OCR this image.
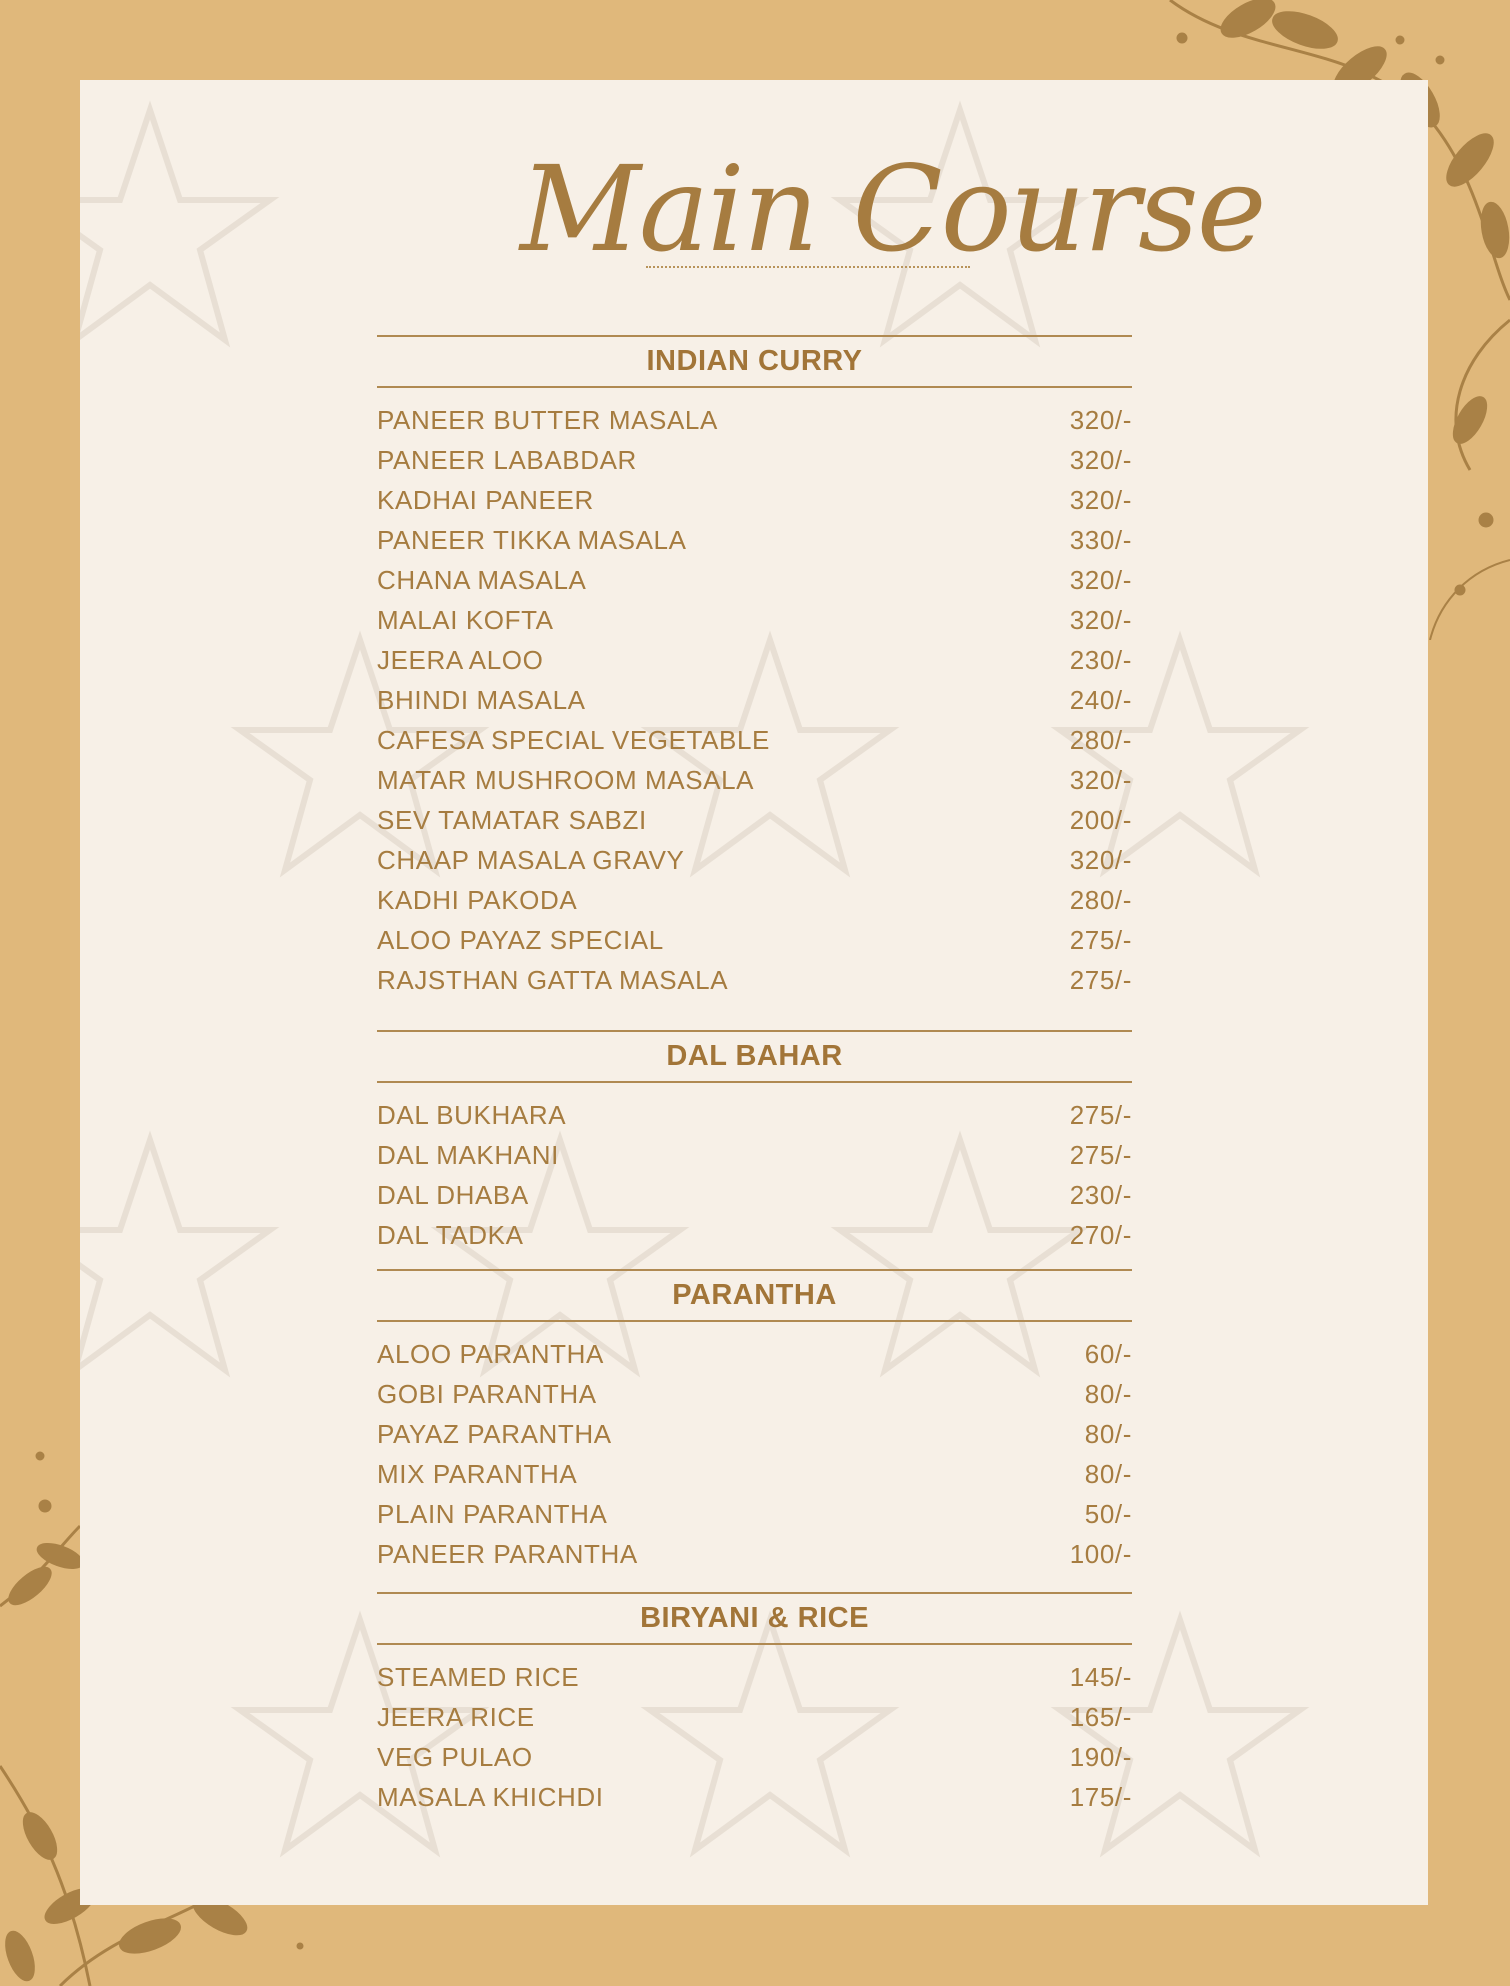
Main Course
INDIAN CURRY
PANEER BUTTER MASALA	320/-
PANEER LABABDAR	320/-
KADHAI PANEER	320/-
PANEER TIKKA MASALA	330/-
CHANA MASALA	320/-
MALAI KOFTA	320/-
JEERA ALOO	230/-
BHINDI MASALA	240/-
CAFESA SPECIAL VEGETABLE	280/-
MATAR MUSHROOM MASALA	320/-
SEV TAMATAR SABZI	200/-
CHAAP MASALA GRAVY	320/-
KADHI PAKODA	280/-
ALOO PAYAZ SPECIAL	275/-
RAJSTHAN GATTA MASALA	275/-
DAL BAHAR
DAL BUKHARA	275/-
DAL MAKHANI	275/-
DAL DHABA	230/-
DAL TADKA	270/-
PARANTHA
ALOO PARANTHA	60/-
GOBI PARANTHA	80/-
PAYAZ PARANTHA	80/-
MIX PARANTHA	80/-
PLAIN PARANTHA	50/-
PANEER PARANTHA	100/-
BIRYANI & RICE
STEAMED RICE	145/-
JEERA RICE	165/-
VEG PULAO	190/-
MASALA KHICHDI	175/-
